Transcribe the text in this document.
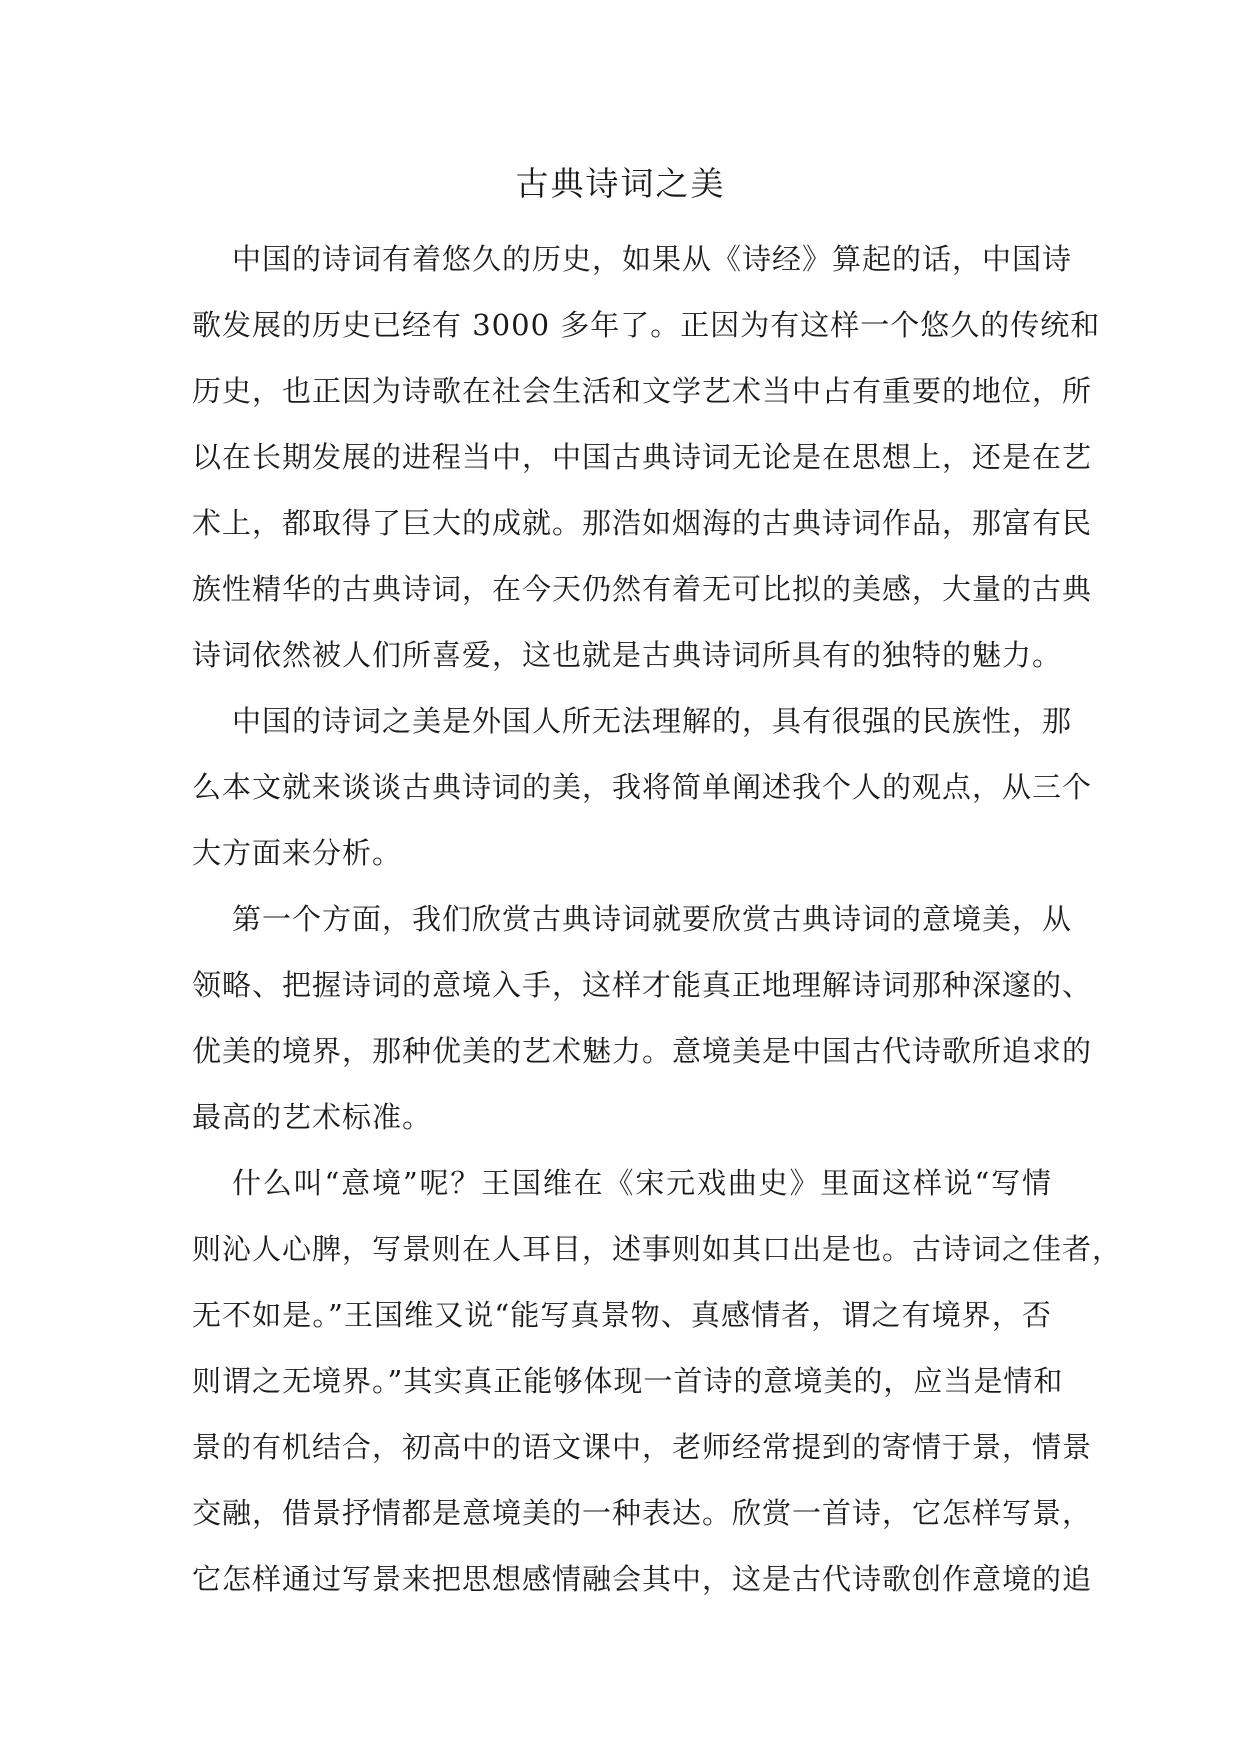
古典诗词之美
中国的诗词有着悠久的历史，如果从《诗经》算起的话，中国诗
歌发展的历史已经有 3000 多年了。正因为有这样一个悠久的传统和
历史，也正因为诗歌在社会生活和文学艺术当中占有重要的地位，所
以在长期发展的进程当中，中国古典诗词无论是在思想上，还是在艺
术上，都取得了巨大的成就。那浩如烟海的古典诗词作品，那富有民
族性精华的古典诗词，在今天仍然有着无可比拟的美感，大量的古典
诗词依然被人们所喜爱，这也就是古典诗词所具有的独特的魅力。
中国的诗词之美是外国人所无法理解的，具有很强的民族性，那
么本文就来谈谈古典诗词的美，我将简单阐述我个人的观点，从三个
大方面来分析。
第一个方面，我们欣赏古典诗词就要欣赏古典诗词的意境美，从
领略、把握诗词的意境入手，这样才能真正地理解诗词那种深邃的、
优美的境界，那种优美的艺术魅力。意境美是中国古代诗歌所追求的
最高的艺术标准。
什么叫“意境”呢？王国维在《宋元戏曲史》里面这样说“写情
则沁人心脾，写景则在人耳目，述事则如其口出是也。古诗词之佳者，
无不如是。”王国维又说“能写真景物、真感情者，谓之有境界，否
则谓之无境界。”其实真正能够体现一首诗的意境美的，应当是情和
景的有机结合，初高中的语文课中，老师经常提到的寄情于景，情景
交融，借景抒情都是意境美的一种表达。欣赏一首诗，它怎样写景，
它怎样通过写景来把思想感情融会其中，这是古代诗歌创作意境的追
